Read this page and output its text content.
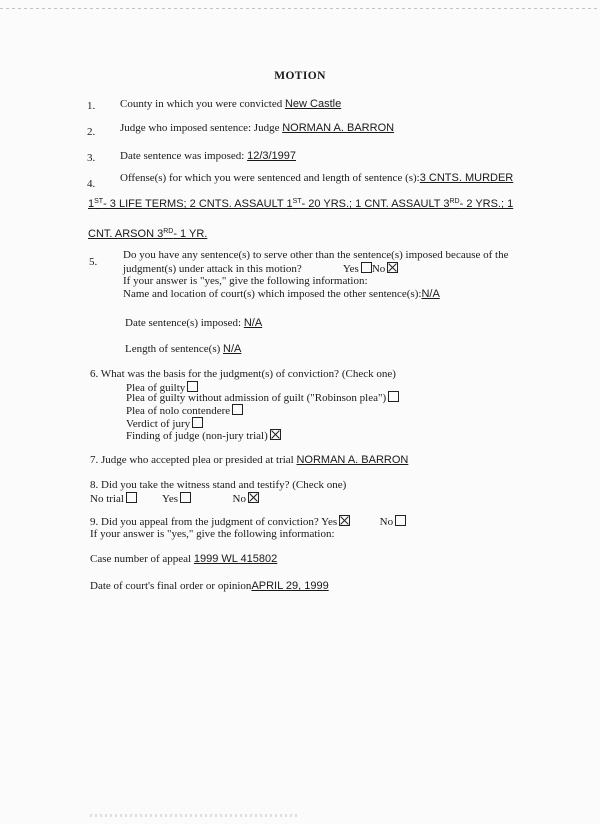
MOTION
1. County in which you were convicted New Castle
2. Judge who imposed sentence: Judge NORMAN A. BARRON
3. Date sentence was imposed: 12/3/1997
4. Offense(s) for which you were sentenced and length of sentence (s):3 CNTS. MURDER
1ST- 3 LIFE TERMS; 2 CNTS. ASSAULT 1ST- 20 YRS.; 1 CNT. ASSAULT 3RD- 2 YRS.; 1
CNT. ARSON 3RD- 1 YR.
5.
Do you have any sentence(s) to serve other than the sentence(s) imposed because of the
judgment(s) under attack in this motion?	Yes No
If your answer is "yes," give the following information:
Name and location of court(s) which imposed the other sentence(s):N/A
Date sentence(s) imposed: N/A
Length of sentence(s) N/A
6. What was the basis for the judgment(s) of conviction? (Check one)
Plea of guilty
Plea of guilty without admission of guilt ("Robinson plea")
Plea of nolo contendere
Verdict of jury
Finding of judge (non-jury trial)
7. Judge who accepted plea or presided at trial NORMAN A. BARRON
8. Did you take the witness stand and testify? (Check one)
No trial	Yes	No
9. Did you appeal from the judgment of conviction? Yes	No
If your answer is "yes," give the following information:
Case number of appeal 1999 WL 415802
Date of court's final order or opinionAPRIL 29, 1999
